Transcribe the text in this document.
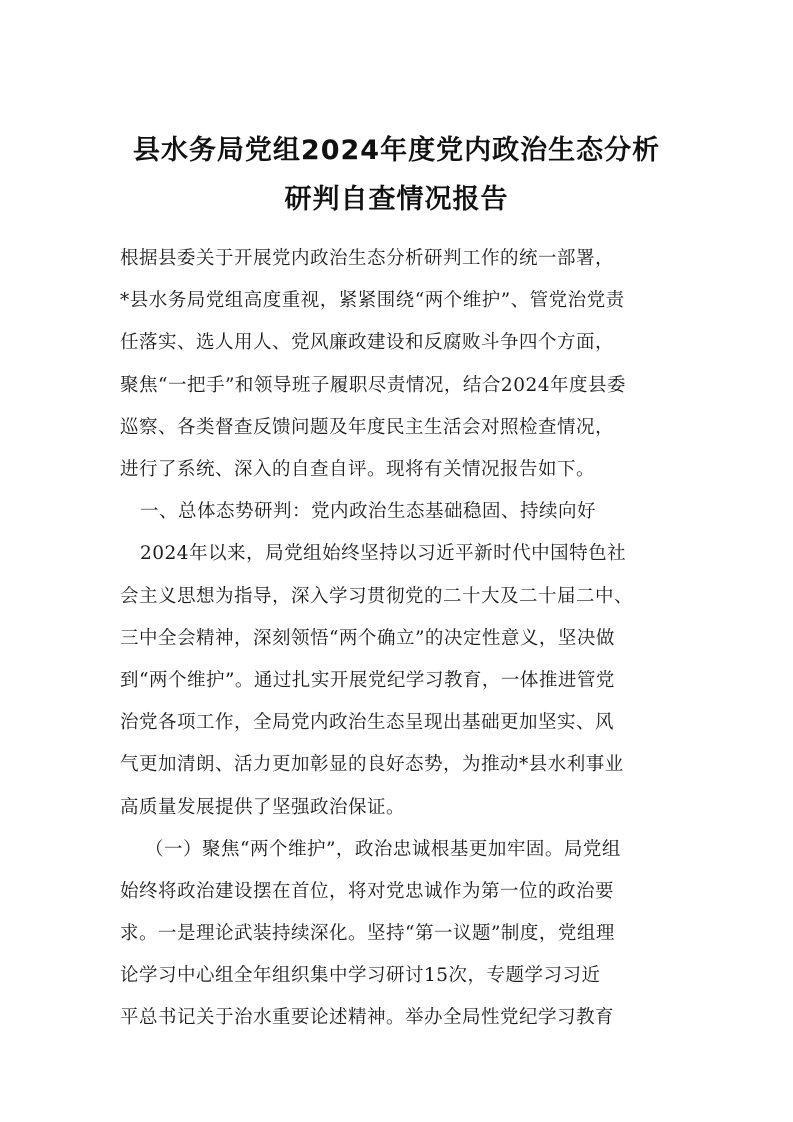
县水务局党组2024年度党内政治生态分析
研判自查情况报告
根据县委关于开展党内政治生态分析研判工作的统一部署，
*县水务局党组高度重视，紧紧围绕“两个维护”、管党治党责
任落实、选人用人、党风廉政建设和反腐败斗争四个方面，
聚焦“一把手”和领导班子履职尽责情况，结合2024年度县委
巡察、各类督查反馈问题及年度民主生活会对照检查情况，
进行了系统、深入的自查自评。现将有关情况报告如下。
一、总体态势研判：党内政治生态基础稳固、持续向好
2024年以来，局党组始终坚持以习近平新时代中国特色社
会主义思想为指导，深入学习贯彻党的二十大及二十届二中、
三中全会精神，深刻领悟“两个确立”的决定性意义，坚决做
到“两个维护”。通过扎实开展党纪学习教育，一体推进管党
治党各项工作，全局党内政治生态呈现出基础更加坚实、风
气更加清朗、活力更加彰显的良好态势，为推动*县水利事业
高质量发展提供了坚强政治保证。
（一）聚焦“两个维护”，政治忠诚根基更加牢固。局党组
始终将政治建设摆在首位，将对党忠诚作为第一位的政治要
求。一是理论武装持续深化。坚持“第一议题”制度，党组理
论学习中心组全年组织集中学习研讨15次，专题学习习近
平总书记关于治水重要论述精神。举办全局性党纪学习教育
